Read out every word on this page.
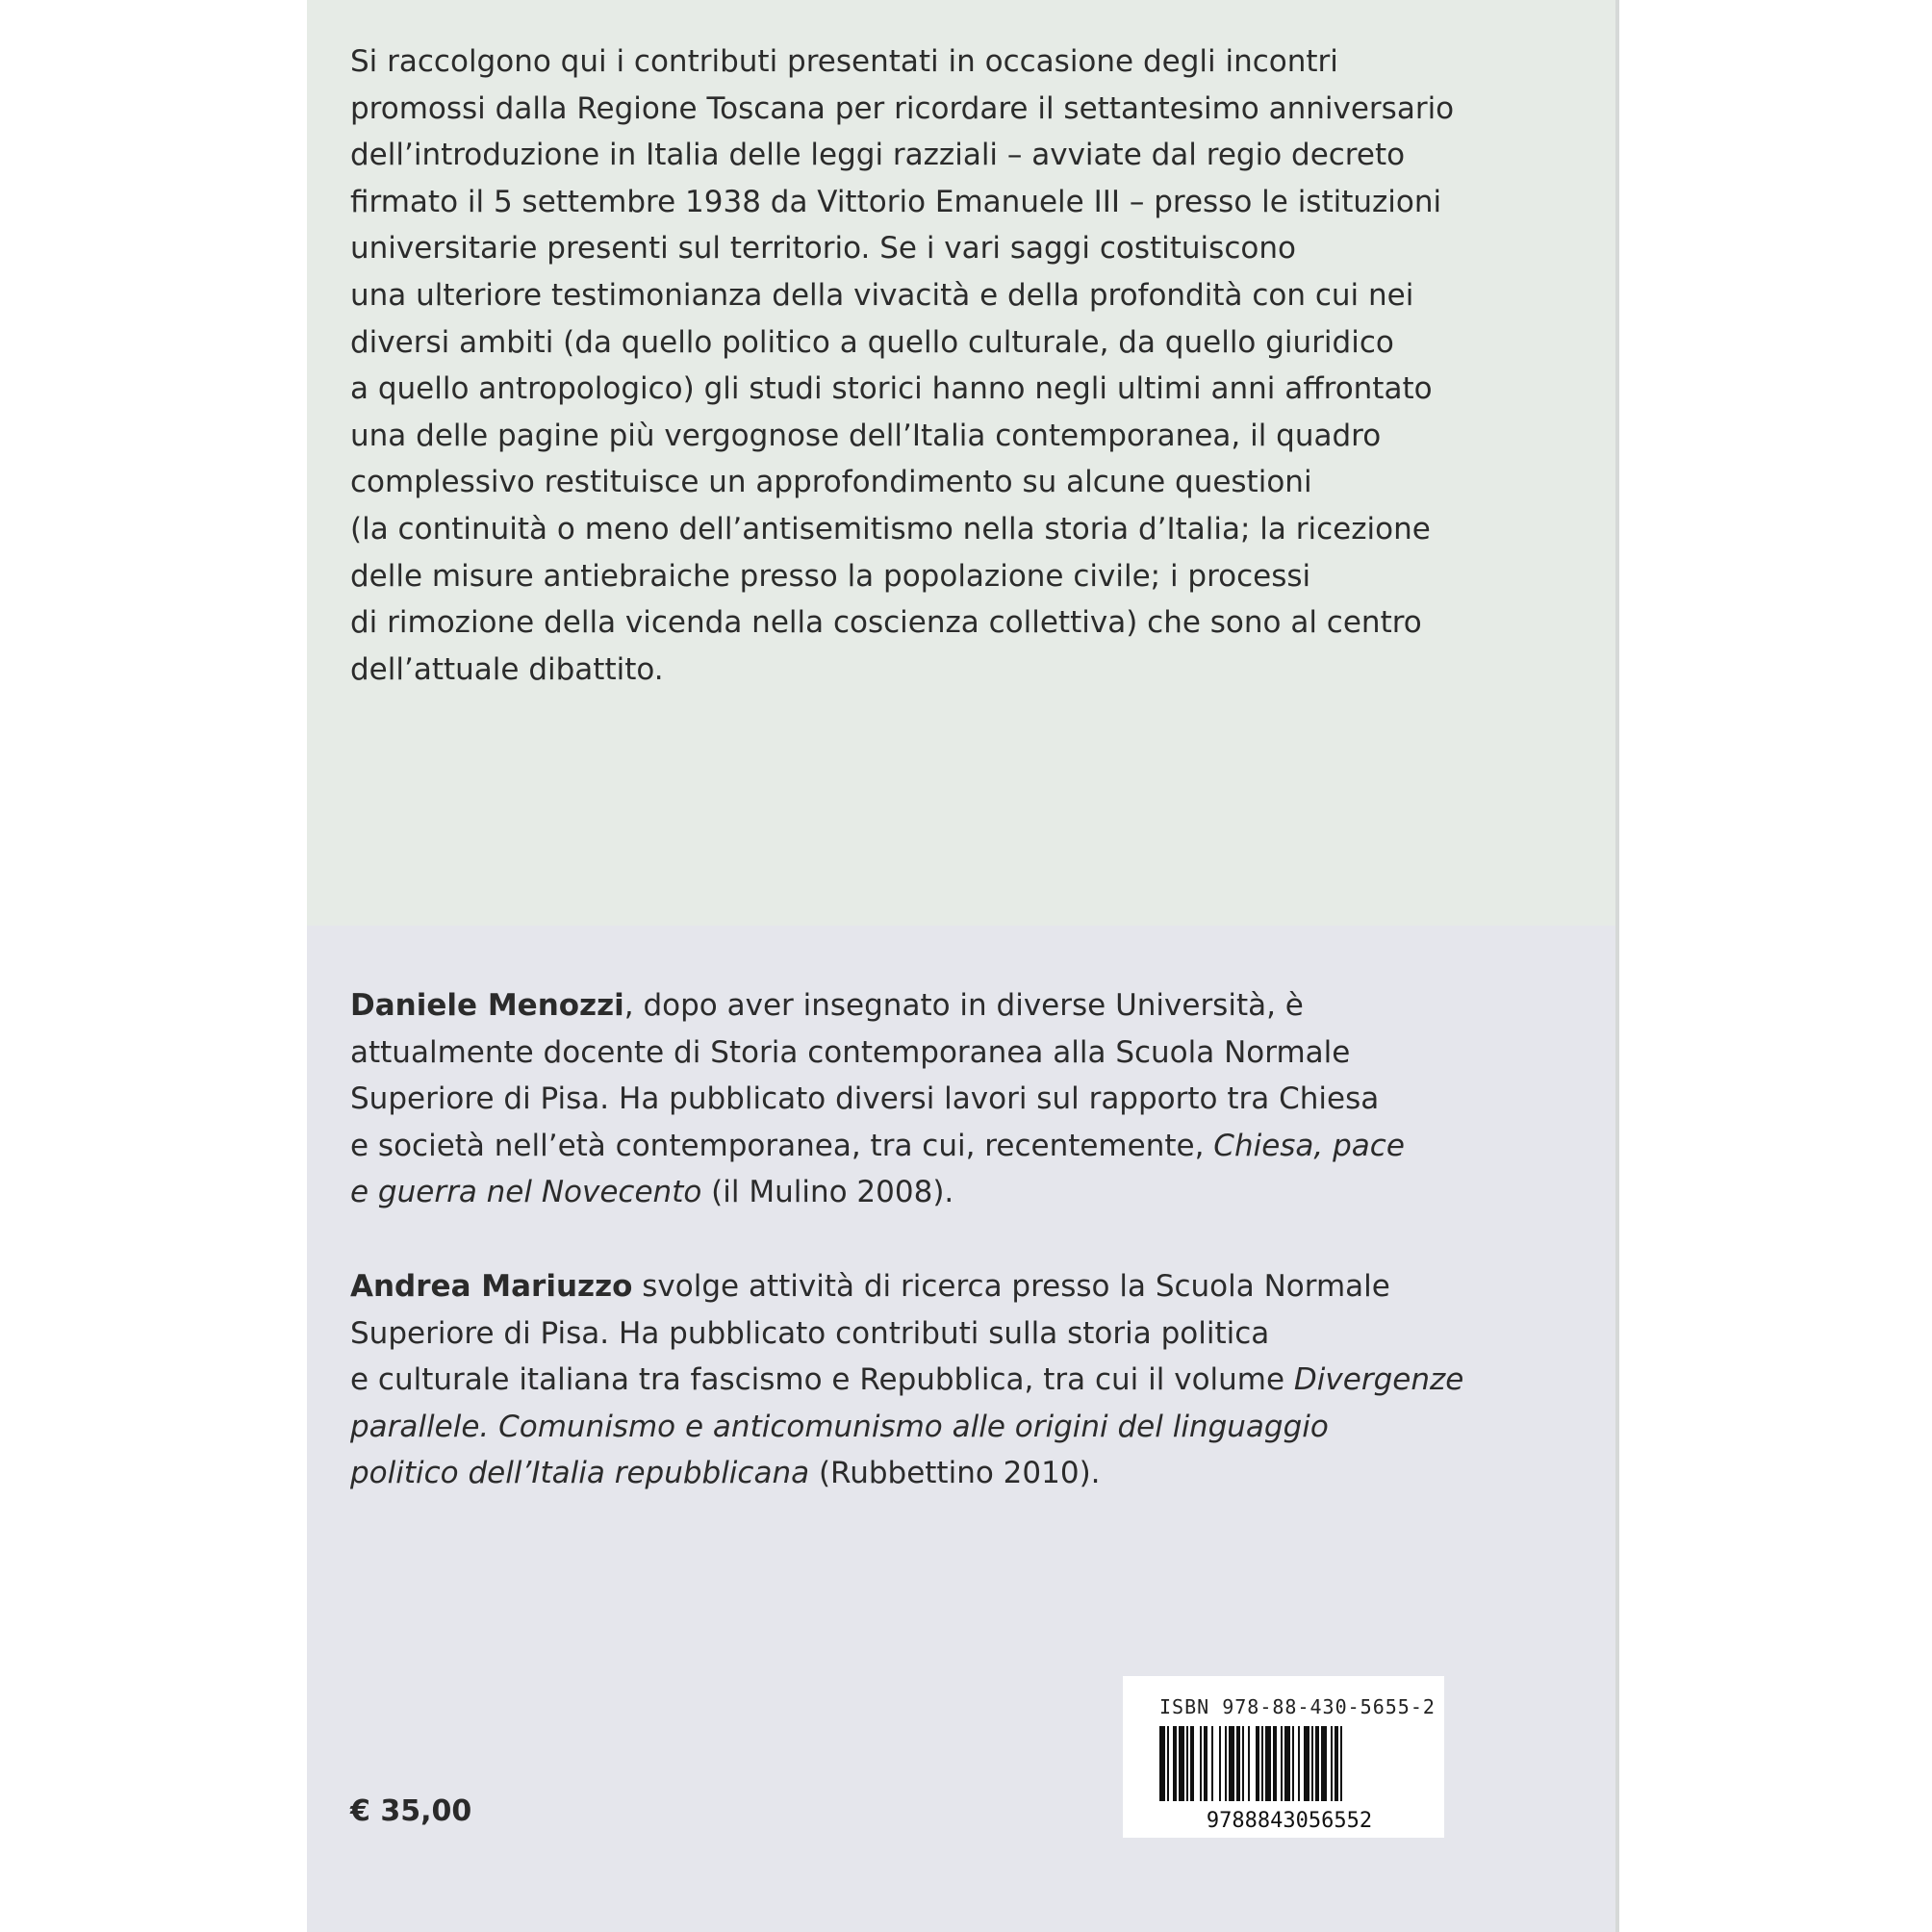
Si raccolgono qui i contributi presentati in occasione degli incontri
promossi dalla Regione Toscana per ricordare il settantesimo anniversario
dell’introduzione in Italia delle leggi razziali – avviate dal regio decreto
firmato il 5 settembre 1938 da Vittorio Emanuele III – presso le istituzioni
universitarie presenti sul territorio. Se i vari saggi costituiscono
una ulteriore testimonianza della vivacità e della profondità con cui nei
diversi ambiti (da quello politico a quello culturale, da quello giuridico
a quello antropologico) gli studi storici hanno negli ultimi anni affrontato
una delle pagine più vergognose dell’Italia contemporanea, il quadro
complessivo restituisce un approfondimento su alcune questioni
(la continuità o meno dell’antisemitismo nella storia d’Italia; la ricezione
delle misure antiebraiche presso la popolazione civile; i processi
di rimozione della vicenda nella coscienza collettiva) che sono al centro
dell’attuale dibattito.

Daniele Menozzi, dopo aver insegnato in diverse Università, è
attualmente docente di Storia contemporanea alla Scuola Normale
Superiore di Pisa. Ha pubblicato diversi lavori sul rapporto tra Chiesa
e società nell’età contemporanea, tra cui, recentemente, Chiesa, pace
e guerra nel Novecento (il Mulino 2008).

Andrea Mariuzzo svolge attività di ricerca presso la Scuola Normale
Superiore di Pisa. Ha pubblicato contributi sulla storia politica
e culturale italiana tra fascismo e Repubblica, tra cui il volume Divergenze
parallele. Comunismo e anticomunismo alle origini del linguaggio
politico dell’Italia repubblicana (Rubbettino 2010).

€ 35,00
ISBN 978-88-430-5655-2
9788843056552
